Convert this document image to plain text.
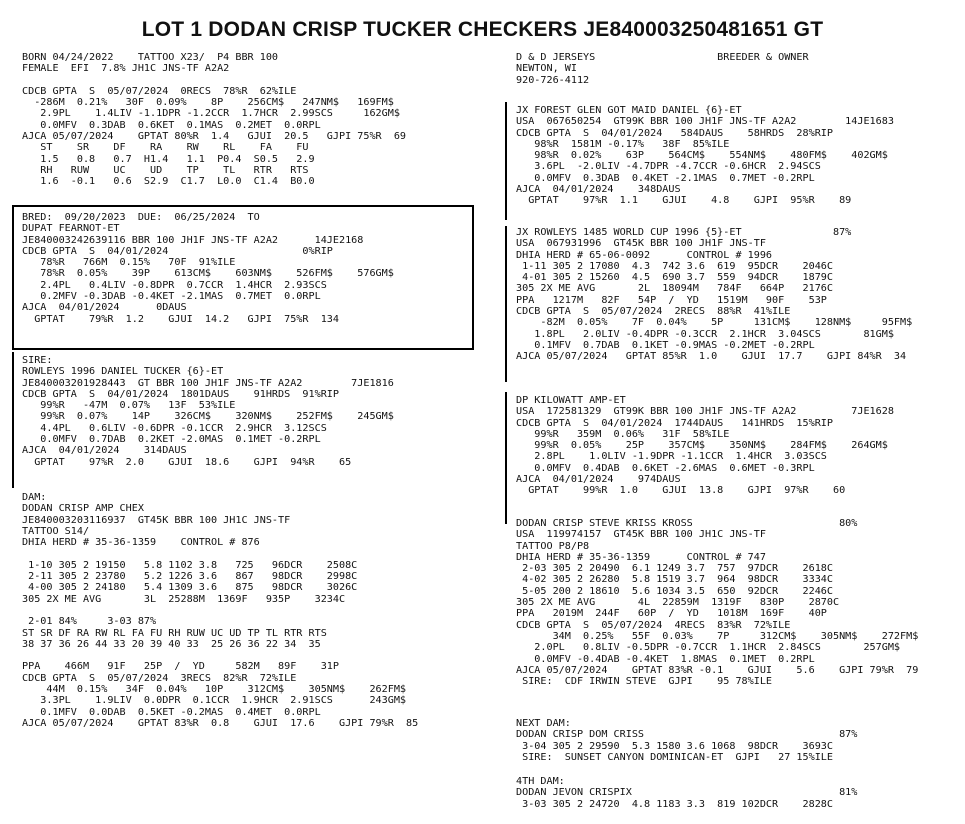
LOT 1 DODAN CRISP TUCKER CHECKERS JE840003250481651 GT
BORN 04/24/2022    TATTOO X23/  P4 BBR 100
FEMALE  EFI  7.8% JH1C JNS-TF A2A2
CDCB GPTA  S  05/07/2024  0RECS  78%R  62%ILE
-286M  0.21%   30F  0.09%    8P    256CM$   247NM$   169FM$
2.9PL    1.4LIV -1.1DPR -1.2CCR  1.7HCR  2.99SCS     162GM$
0.0MFV  0.3DAB  0.6KET  0.1MAS  0.2MET  0.0RPL
AJCA 05/07/2024    GPTAT 80%R  1.4   GJUI  20.5   GJPI 75%R  69
ST    SR    DF    RA    RW    RL    FA    FU
1.5   0.8   0.7  H1.4   1.1  P0.4  S0.5   2.9
RH   RUW    UC    UD    TP    TL   RTR   RTS
1.6  -0.1   0.6  S2.9  C1.7  L0.0  C1.4  B0.0
BRED:  09/20/2023  DUE:  06/25/2024  TO
DUPAT FEARNOT-ET
JE840003242639116 BBR 100 JH1F JNS-TF A2A2      14JE2168
CDCB GPTA  S  04/01/2024                      0%RIP
78%R   766M  0.15%   70F  91%ILE
78%R  0.05%    39P    613CM$    603NM$    526FM$    576GM$
2.4PL   0.4LIV -0.8DPR  0.7CCR  1.4HCR  2.93SCS
0.2MFV -0.3DAB -0.4KET -2.1MAS  0.7MET  0.0RPL
AJCA  04/01/2024      0DAUS
GPTAT    79%R  1.2    GJUI  14.2   GJPI  75%R  134
SIRE:
ROWLEYS 1996 DANIEL TUCKER {6}-ET
JE840003201928443  GT BBR 100 JH1F JNS-TF A2A2        7JE1816
CDCB GPTA  S  04/01/2024  1801DAUS    91HRDS  91%RIP
99%R   -47M  0.07%   13F  53%ILE
99%R  0.07%    14P    326CM$    320NM$    252FM$    245GM$
4.4PL   0.6LIV -0.6DPR -0.1CCR  2.9HCR  3.12SCS
0.0MFV  0.7DAB  0.2KET -2.0MAS  0.1MET -0.2RPL
AJCA  04/01/2024    314DAUS
GPTAT    97%R  2.0    GJUI  18.6    GJPI  94%R    65
DAM:
DODAN CRISP AMP CHEX
JE840003203116937  GT45K BBR 100 JH1C JNS-TF
TATTOO S14/
DHIA HERD # 35-36-1359    CONTROL # 876
1-10 305 2 19150   5.8 1102 3.8   725   96DCR    2508C
2-11 305 2 23780   5.2 1226 3.6   867   98DCR    2998C
4-00 305 2 24180   5.4 1309 3.6   875   98DCR    3026C
305 2X ME AVG       3L  25288M  1369F   935P    3234C
2-01 84%     3-03 87%
ST SR DF RA RW RL FA FU RH RUW UC UD TP TL RTR RTS
38 37 36 26 44 33 20 39 40 33  25 26 36 22 34  35
PPA    466M   91F   25P  /  YD     582M   89F    31P
CDCB GPTA  S  05/07/2024  3RECS  82%R  72%ILE
44M  0.15%   34F  0.04%   10P    312CM$    305NM$    262FM$
3.3PL    1.9LIV  0.0DPR  0.1CCR  1.9HCR  2.91SCS      243GM$
0.1MFV  0.0DAB  0.5KET -0.2MAS  0.4MET  0.0RPL
AJCA 05/07/2024    GPTAT 83%R  0.8    GJUI  17.6    GJPI 79%R  85
D & D JERSEYS                    BREEDER & OWNER
NEWTON, WI
920-726-4112
JX FOREST GLEN GOT MAID DANIEL {6}-ET
USA  067650254  GT99K BBR 100 JH1F JNS-TF A2A2        14JE1683
CDCB GPTA  S  04/01/2024   584DAUS    58HRDS  28%RIP
98%R  1581M -0.17%   38F  85%ILE
98%R  0.02%    63P    564CM$    554NM$    480FM$    402GM$
3.6PL  -2.0LIV -4.7DPR -4.7CCR -0.6HCR  2.94SCS
0.0MFV  0.3DAB  0.4KET -2.1MAS  0.7MET -0.2RPL
AJCA  04/01/2024    348DAUS
GPTAT    97%R  1.1    GJUI    4.8    GJPI  95%R    89
JX ROWLEYS 1485 WORLD CUP 1996 {5}-ET               87%
USA  067931996  GT45K BBR 100 JH1F JNS-TF
DHIA HERD # 65-06-0092      CONTROL # 1996
1-11 305 2 17080  4.3  742 3.6  619  95DCR    2046C
4-01 305 2 15260  4.5  690 3.7  559  94DCR    1879C
305 2X ME AVG       2L  18094M   784F   664P   2176C
PPA   1217M   82F   54P  /  YD   1519M   90F    53P
CDCB GPTA  S  05/07/2024  2RECS  88%R  41%ILE
-82M  0.05%    7F  0.04%    5P     131CM$    128NM$     95FM$
1.8PL   2.0LIV -0.4DPR -0.3CCR  2.1HCR  3.04SCS       81GM$
0.1MFV  0.7DAB  0.1KET -0.9MAS -0.2MET -0.2RPL
AJCA 05/07/2024   GPTAT 85%R  1.0    GJUI  17.7    GJPI 84%R  34
DP KILOWATT AMP-ET
USA  172581329  GT99K BBR 100 JH1F JNS-TF A2A2         7JE1628
CDCB GPTA  S  04/01/2024  1744DAUS   141HRDS  15%RIP
99%R   359M  0.06%   31F  58%ILE
99%R  0.05%    25P    357CM$    350NM$    284FM$    264GM$
2.8PL    1.0LIV -1.9DPR -1.1CCR  1.4HCR  3.03SCS
0.0MFV  0.4DAB  0.6KET -2.6MAS  0.6MET -0.3RPL
AJCA  04/01/2024    974DAUS
GPTAT    99%R  1.0    GJUI  13.8    GJPI  97%R    60
DODAN CRISP STEVE KRISS KROSS                        80%
USA  119974157  GT45K BBR 100 JH1C JNS-TF
TATTOO P8/P8
DHIA HERD # 35-36-1359      CONTROL # 747
2-03 305 2 20490  6.1 1249 3.7  757  97DCR    2618C
4-02 305 2 26280  5.8 1519 3.7  964  98DCR    3334C
5-05 200 2 18610  5.6 1034 3.5  650  92DCR    2246C
305 2X ME AVG       4L  22859M  1319F   830P    2870C
PPA   2019M  244F   60P  /  YD   1018M  169F    40P
CDCB GPTA  S  05/07/2024  4RECS  83%R  72%ILE
34M  0.25%   55F  0.03%    7P     312CM$    305NM$    272FM$
2.0PL   0.8LIV -0.5DPR -0.7CCR  1.1HCR  2.84SCS       257GM$
0.0MFV -0.4DAB -0.4KET  1.8MAS  0.1MET  0.2RPL
AJCA 05/07/2024    GPTAT 83%R -0.1    GJUI    5.6    GJPI 79%R  79
SIRE:  CDF IRWIN STEVE  GJPI    95 78%ILE
NEXT DAM:
DODAN CRISP DOM CRISS                                87%
3-04 305 2 29590  5.3 1580 3.6 1068  98DCR    3693C
SIRE:  SUNSET CANYON DOMINICAN-ET  GJPI   27 15%ILE
4TH DAM:
DODAN JEVON CRISPIX                                  81%
3-03 305 2 24720  4.8 1183 3.3  819 102DCR    2828C
